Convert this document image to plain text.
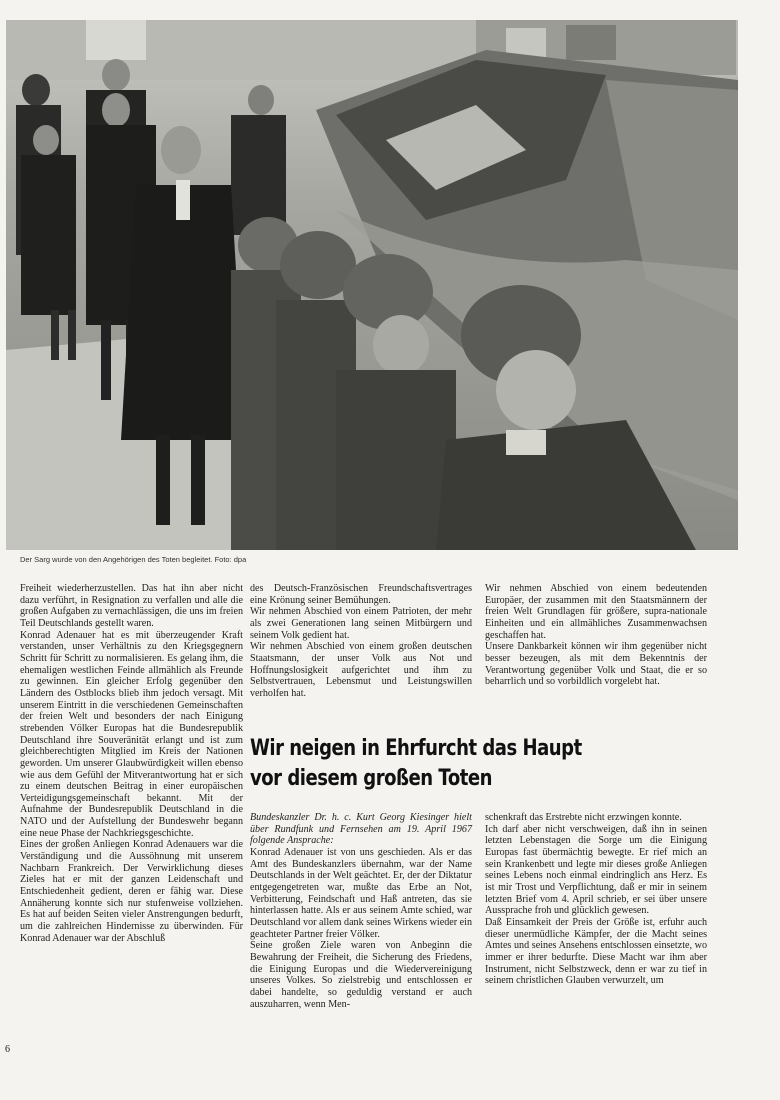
Der Sarg wurde von den Angehörigen des Toten begleitet. Foto: dpa

Freiheit wiederherzustellen. Das hat ihn aber nicht dazu verführt, in Resignation zu verfallen und alle die großen Aufgaben zu vernachlässigen, die uns im freien Teil Deutschlands gestellt waren.

Konrad Adenauer hat es mit überzeugender Kraft verstanden, unser Verhältnis zu den Kriegsgegnern Schritt für Schritt zu normalisieren. Es gelang ihm, die ehemaligen westlichen Feinde allmählich als Freunde zu gewinnen. Ein gleicher Erfolg gegenüber den Ländern des Ostblocks blieb ihm jedoch versagt. Mit unserem Eintritt in die verschiedenen Gemeinschaften der freien Welt und besonders der nach Einigung strebenden Völker Europas hat die Bundesrepublik Deutschland ihre Souveränität erlangt und ist zum gleichberechtigten Mitglied im Kreis der Nationen geworden. Um unserer Glaubwürdigkeit willen ebenso wie aus dem Gefühl der Mitverantwortung hat er sich zu einem deutschen Beitrag in einer europäischen Verteidigungsgemeinschaft bekannt. Mit der Aufnahme der Bundesrepublik Deutschland in die NATO und der Aufstellung der Bundeswehr begann eine neue Phase der Nachkriegsgeschichte.

Eines der großen Anliegen Konrad Adenauers war die Verständigung und die Aussöhnung mit unserem Nachbarn Frankreich. Der Verwirklichung dieses Zieles hat er mit der ganzen Leidenschaft und Entschiedenheit gedient, deren er fähig war. Diese Annäherung konnte sich nur stufenweise vollziehen. Es hat auf beiden Seiten vieler Anstrengungen bedurft, um die zahlreichen Hindernisse zu überwinden. Für Konrad Adenauer war der Abschluß

des Deutsch-Französischen Freundschaftsvertrages eine Krönung seiner Bemühungen.

Wir nehmen Abschied von einem Patrioten, der mehr als zwei Generationen lang seinen Mitbürgern und seinem Volk gedient hat.

Wir nehmen Abschied von einem großen deutschen Staatsmann, der unser Volk aus Not und Hoffnungslosigkeit aufgerichtet und ihm zu Selbstvertrauen, Lebensmut und Leistungswillen verholfen hat.

Wir nehmen Abschied von einem bedeutenden Europäer, der zusammen mit den Staatsmännern der freien Welt Grundlagen für größere, supra-nationale Einheiten und ein allmähliches Zusammenwachsen geschaffen hat.

Unsere Dankbarkeit können wir ihm gegenüber nicht besser bezeugen, als mit dem Bekenntnis der Verantwortung gegenüber Volk und Staat, die er so beharrlich und so vorbildlich vorgelebt hat.

Wir neigen in Ehrfurcht das Haupt
vor diesem großen Toten

Bundeskanzler Dr. h. c. Kurt Georg Kiesinger hielt über Rundfunk und Fernsehen am 19. April 1967 folgende Ansprache:

Konrad Adenauer ist von uns geschieden. Als er das Amt des Bundeskanzlers übernahm, war der Name Deutschlands in der Welt geächtet. Er, der der Diktatur entgegengetreten war, mußte das Erbe an Not, Verbitterung, Feindschaft und Haß antreten, das sie hinterlassen hatte. Als er aus seinem Amte schied, war Deutschland vor allem dank seines Wirkens wieder ein geachteter Partner freier Völker.

Seine großen Ziele waren von Anbeginn die Bewahrung der Freiheit, die Sicherung des Friedens, die Einigung Europas und die Wiedervereinigung unseres Volkes. So zielstrebig und entschlossen er dabei handelte, so geduldig verstand er auch auszuharren, wenn Men-

schenkraft das Erstrebte nicht erzwingen konnte.

Ich darf aber nicht verschweigen, daß ihn in seinen letzten Lebenstagen die Sorge um die Einigung Europas fast übermächtig bewegte. Er rief mich an sein Krankenbett und legte mir dieses große Anliegen seines Lebens noch einmal eindringlich ans Herz. Es ist mir Trost und Verpflichtung, daß er mir in seinem letzten Brief vom 4. April schrieb, er sei über unsere Aussprache froh und glücklich gewesen.

Daß Einsamkeit der Preis der Größe ist, erfuhr auch dieser unermüdliche Kämpfer, der die Macht seines Amtes und seines Ansehens entschlossen einsetzte, wo immer er ihrer bedurfte. Diese Macht war ihm aber Instrument, nicht Selbstzweck, denn er war zu tief in seinem christlichen Glauben verwurzelt, um

6
